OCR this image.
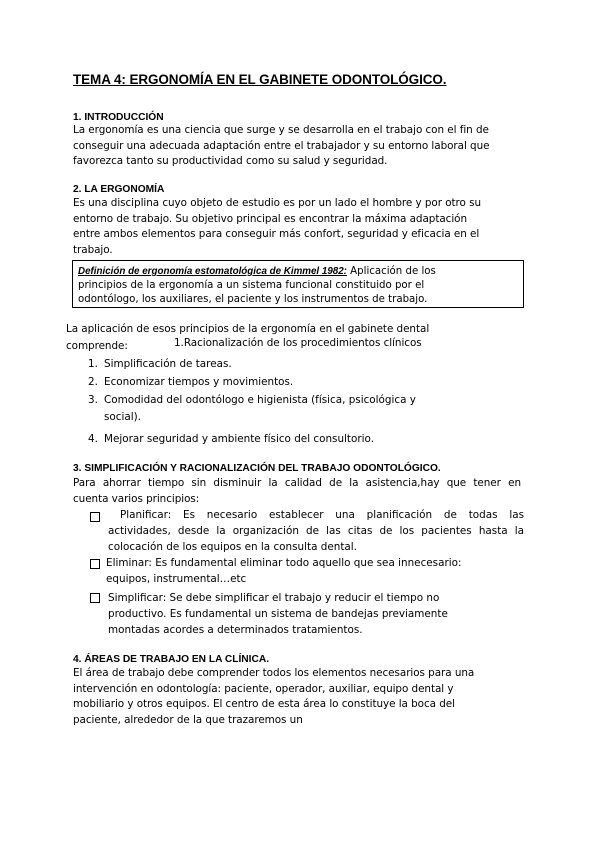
TEMA 4: ERGONOMÍA EN EL GABINETE ODONTOLÓGICO.
1. INTRODUCCIÓN
La ergonomía es una ciencia que surge y se desarrolla en el trabajo con el fin de
conseguir una adecuada adaptación entre el trabajador y su entorno laboral que
favorezca tanto su productividad como su salud y seguridad.
2. LA ERGONOMÍA
Es una disciplina cuyo objeto de estudio es por un lado el hombre y por otro su
entorno de trabajo. Su objetivo principal es encontrar la máxima adaptación
entre ambos elementos para conseguir más confort, seguridad y eficacia en el
trabajo.
Definición de ergonomía estomatológica de Kimmel 1982: Aplicación de los
principios de la ergonomía a un sistema funcional constituido por el
odontólogo, los auxiliares, el paciente y los instrumentos de trabajo.
La aplicación de esos principios de la ergonomía en el gabinete dental
comprende:	1.Racionalización de los procedimientos clínicos
1. Simplificación de tareas.
2. Economizar tiempos y movimientos.
3. Comodidad del odontólogo e higienista (física, psicológica y
social).
4. Mejorar seguridad y ambiente físico del consultorio.
3. SIMPLIFICACIÓN Y RACIONALIZACIÓN DEL TRABAJO ODONTOLÓGICO.
Para ahorrar tiempo sin disminuir la calidad de la asistencia,hay que tener en
cuenta varios principios:
Planificar: Es necesario establecer una planificación de todas las
actividades, desde la organización de las citas de los pacientes hasta la
colocación de los equipos en la consulta dental.
Eliminar: Es fundamental eliminar todo aquello que sea innecesario:
equipos, instrumental…etc
Simplificar: Se debe simplificar el trabajo y reducir el tiempo no
productivo. Es fundamental un sistema de bandejas previamente
montadas acordes a determinados tratamientos.
4. ÁREAS DE TRABAJO EN LA CLÍNICA.
El área de trabajo debe comprender todos los elementos necesarios para una
intervención en odontología: paciente, operador, auxiliar, equipo dental y
mobiliario y otros equipos. El centro de esta área lo constituye la boca del
paciente, alrededor de la que trazaremos un
